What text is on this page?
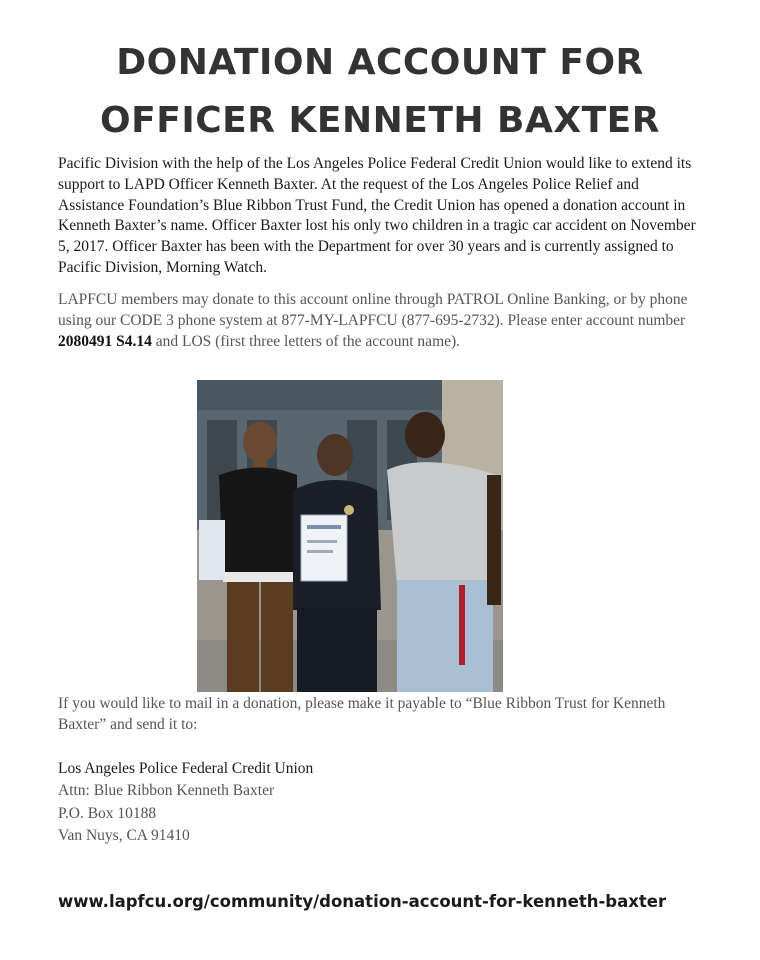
DONATION ACCOUNT FOR
OFFICER KENNETH BAXTER
Pacific Division with the help of the Los Angeles Police Federal Credit Union would like to extend its support to LAPD Officer Kenneth Baxter. At the request of the Los Angeles Police Relief and Assistance Foundation’s Blue Ribbon Trust Fund, the Credit Union has opened a donation account in Kenneth Baxter’s name. Officer Baxter lost his only two children in a tragic car accident on November 5, 2017. Officer Baxter has been with the Department for over 30 years and is currently assigned to Pacific Division, Morning Watch.
LAPFCU members may donate to this account online through PATROL Online Banking, or by phone using our CODE 3 phone system at 877-MY-LAPFCU (877-695-2732). Please enter account number 2080491 S4.14 and LOS (first three letters of the account name).
If you would like to mail in a donation, please make it payable to “Blue Ribbon Trust for Kenneth Baxter” and send it to:
Los Angeles Police Federal Credit Union
Attn: Blue Ribbon Kenneth Baxter
P.O. Box 10188
Van Nuys, CA 91410
www.lapfcu.org/community/donation-account-for-kenneth-baxter
